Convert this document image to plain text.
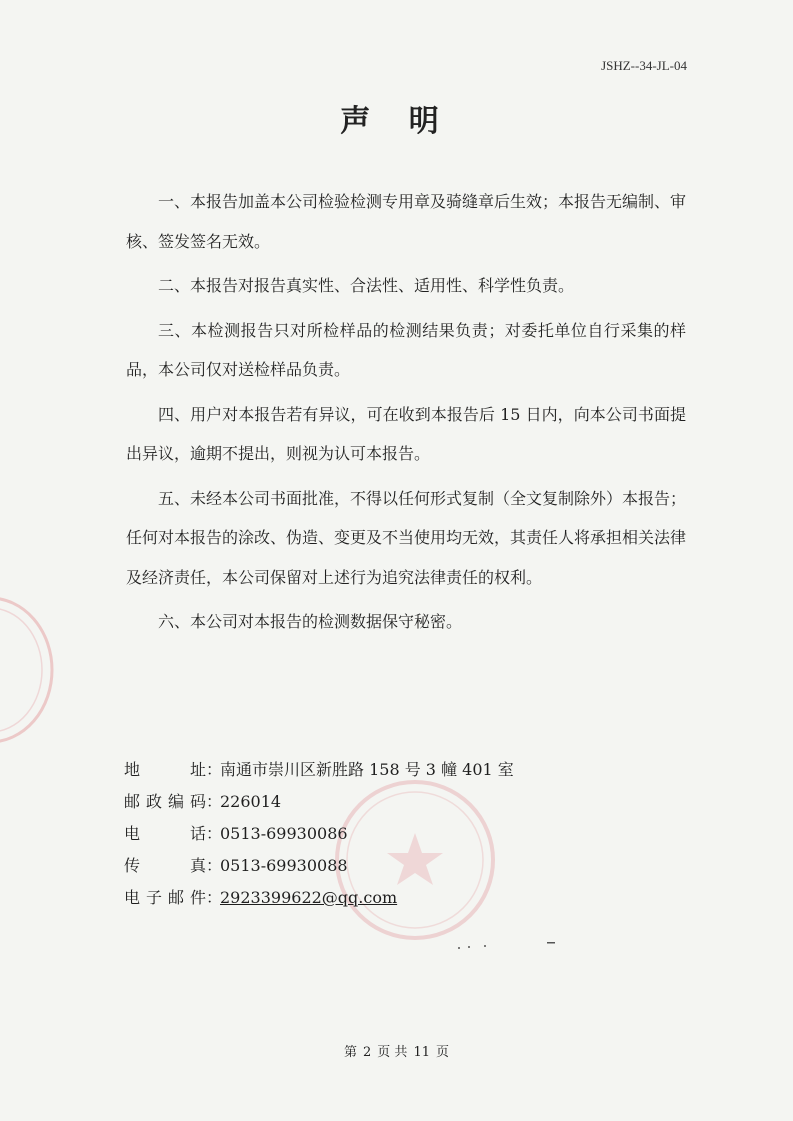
JSHZ--34-JL-04
声 明

一、本报告加盖本公司检验检测专用章及骑缝章后生效；本报告无编制、审核、签发签名无效。

二、本报告对报告真实性、合法性、适用性、科学性负责。

三、本检测报告只对所检样品的检测结果负责；对委托单位自行采集的样品，本公司仅对送检样品负责。

四、用户对本报告若有异议，可在收到本报告后 15 日内，向本公司书面提出异议，逾期不提出，则视为认可本报告。

五、未经本公司书面批准，不得以任何形式复制（全文复制除外）本报告；任何对本报告的涂改、伪造、变更及不当使用均无效，其责任人将承担相关法律及经济责任，本公司保留对上述行为追究法律责任的权利。

六、本公司对本报告的检测数据保守秘密。

地址：南通市崇川区新胜路 158 号 3 幢 401 室
邮政编码：226014
电话：0513-69930086
传真：0513-69930088
电子邮件：2923399622@qq.com
第 2 页 共 11 页
